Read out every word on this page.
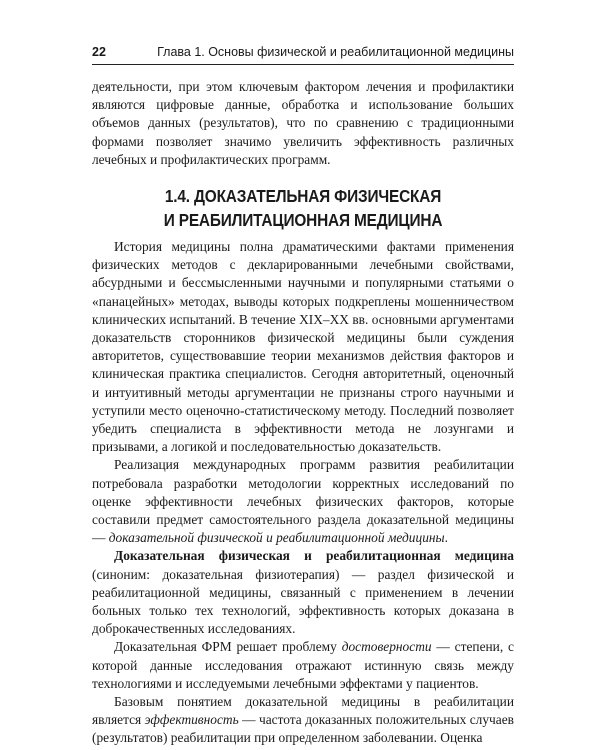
22	Глава 1. Основы физической и реабилитационной медицины

деятельности, при этом ключевым фактором лечения и профилактики являются цифровые данные, обработка и использование больших объемов данных (результатов), что по сравнению с традиционными формами позволяет значимо увеличить эффективность различных лечебных и профилактических программ.

1.4. ДОКАЗАТЕЛЬНАЯ ФИЗИЧЕСКАЯ
И РЕАБИЛИТАЦИОННАЯ МЕДИЦИНА

История медицины полна драматическими фактами применения физических методов с декларированными лечебными свойствами, абсурдными и бессмысленными научными и популярными статьями о «панацейных» методах, выводы которых подкреплены мошенничеством клинических испытаний. В течение XIX–XX вв. основными аргументами доказательств сторонников физической медицины были суждения авторитетов, существовавшие теории механизмов действия факторов и клиническая практика специалистов. Сегодня авторитетный, оценочный и интуитивный методы аргументации не признаны строго научными и уступили место оценочно-статистическому методу. Последний позволяет убедить специалиста в эффективности метода не лозунгами и призывами, а логикой и последовательностью доказательств.

Реализация международных программ развития реабилитации потребовала разработки методологии корректных исследований по оценке эффективности лечебных физических факторов, которые составили предмет самостоятельного раздела доказательной медицины — доказательной физической и реабилитационной медицины.

Доказательная физическая и реабилитационная медицина (синоним: доказательная физиотерапия) — раздел физической и реабилитационной медицины, связанный с применением в лечении больных только тех технологий, эффективность которых доказана в доброкачественных исследованиях.

Доказательная ФРМ решает проблему достоверности — степени, с которой данные исследования отражают истинную связь между технологиями и исследуемыми лечебными эффектами у пациентов.

Базовым понятием доказательной медицины в реабилитации является эффективность — частота доказанных положительных случаев (результатов) реабилитации при определенном заболевании. Оценка
